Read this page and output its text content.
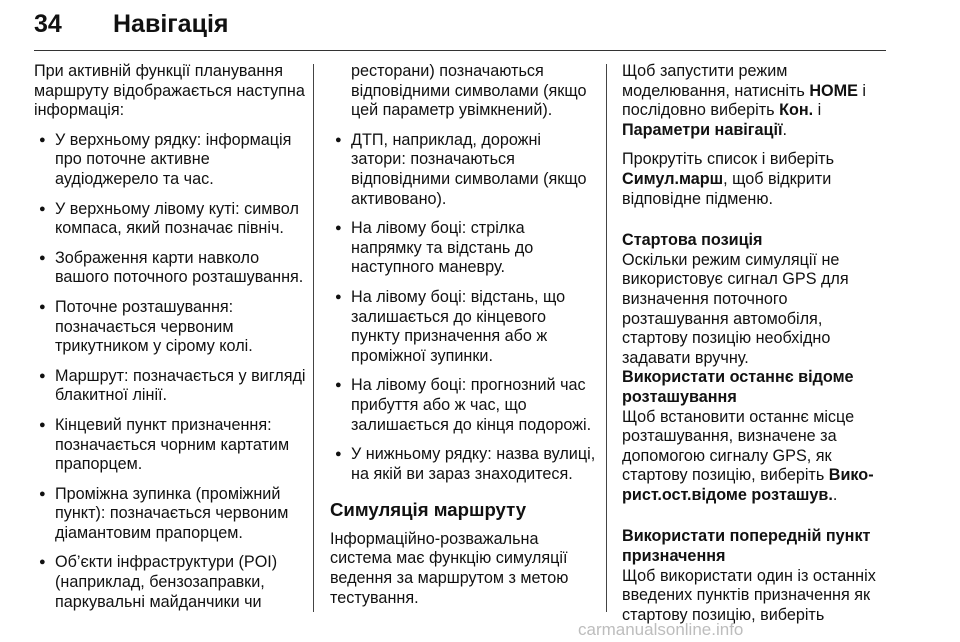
34 Навігація

При активній функції планування маршруту відображається наступна інформація:

● У верхньому рядку: інформація про поточне активне аудіоджерело та час.
● У верхньому лівому куті: символ компаса, який позначає північ.
● Зображення карти навколо вашого поточного розташування.
● Поточне розташування: позначається червоним трикутником у сірому колі.
● Маршрут: позначається у вигляді блакитної лінії.
● Кінцевий пункт призначення: позначається чорним картатим прапорцем.
● Проміжна зупинка (проміжний пункт): позначається червоним діамантовим прапорцем.
● Об’єкти інфраструктури (POI) (наприклад, бензозаправки, паркувальні майданчики чи
ресторани) позначаються відповідними символами (якщо цей параметр увімкнений).
● ДТП, наприклад, дорожні затори: позначаються відповідними символами (якщо активовано).
● На лівому боці: стрілка напрямку та відстань до наступного маневру.
● На лівому боці: відстань, що залишається до кінцевого пункту призначення або ж проміжної зупинки.
● На лівому боці: прогнозний час прибуття або ж час, що залишається до кінця подорожі.
● У нижньому рядку: назва вулиці, на якій ви зараз знаходитеся.
Симуляція маршруту

Інформаційно-розважальна система має функцію симуляції ведення за маршрутом з метою тестування.

Щоб запустити режим моделювання, натисніть HOME і послідовно виберіть Кон. і Параметри навігації.

Прокрутіть список і виберіть Симул.марш, щоб відкрити відповідне підменю.

Стартова позиція

Оскільки режим симуляції не використовує сигнал GPS для визначення поточного розташування автомобіля, стартову позицію необхідно задавати вручну.

Використати останнє відоме розташування

Щоб встановити останнє місце розташування, визначене за допомогою сигналу GPS, як стартову позицію, виберіть Використ.ост.відоме розташув..

Використати попередній пункт призначення

Щоб використати один із останніх введених пунктів призначення як стартову позицію, виберіть

carmanualsonline.info
